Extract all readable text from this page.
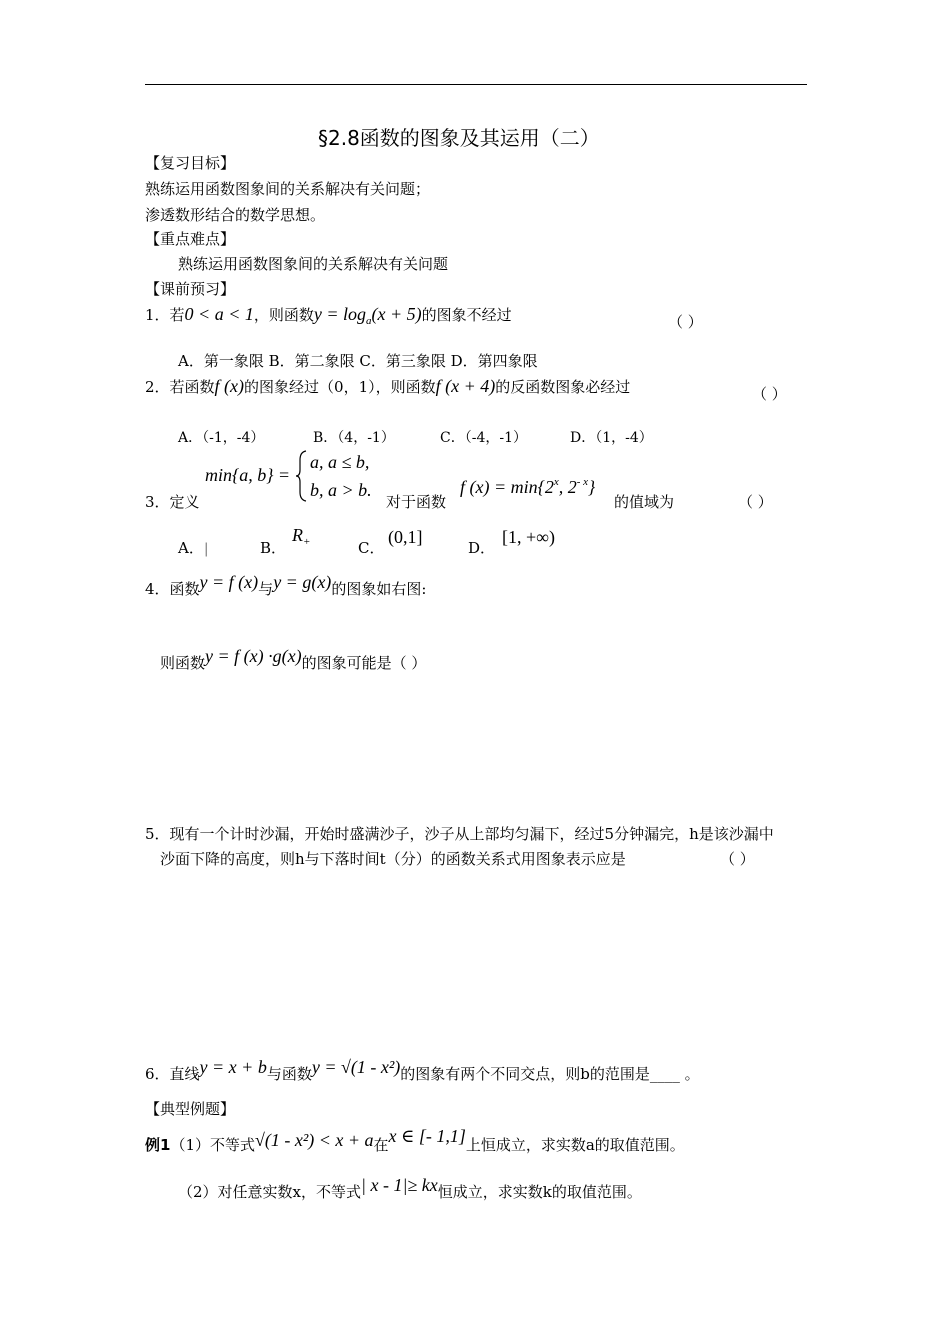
§2.8函数的图象及其运用（二）
【复习目标】
熟练运用函数图象间的关系解决有关问题；
渗透数形结合的数学思想。
【重点难点】
熟练运用函数图象间的关系解决有关问题
【课前预习】
1．若0 < a < 1，则函数$y = \log_a(x + 5)$的图象不经过	（ ）
A．第一象限 B．第二象限 C．第三象限 D．第四象限
2．若函数f (x)的图象经过（0，1），则函数f (x + 4)的反函数图象必经过	（ ）
A．（-1，-4）	B．（4，-1）	C．（-4，-1）	D．（1，-4）
3．定义
min{a, b} =
a, a ≤ b,
b, a > b.
对于函数
f $(x) = \min\{2^x$, $2^{- x}$}
的值域为	（ ）
A．|	B．
$R_+$	C．
(0,1]
D．
[1, +∞)
4．函数y = f (x)与y = g(x)的图象如右图:
则函数y = f (x) ·g(x)的图象可能是（ ）
5．现有一个计时沙漏，开始时盛满沙子，沙子从上部均匀漏下，经过5分钟漏完，h是该沙漏中
沙面下降的高度，则h与下落时间t（分）的函数关系式用图象表示应是	（ ）
6．直线y = x + b与函数y = √(1 - x²)的图象有两个不同交点，则b的范围是____ 。
【典型例题】
例1（1）不等式√(1 - x²) < x + a在x ∈ [- 1,1]上恒成立，求实数a的取值范围。
（2）对任意实数x，不等式| x - 1|≥ kx恒成立，求实数k的取值范围。
